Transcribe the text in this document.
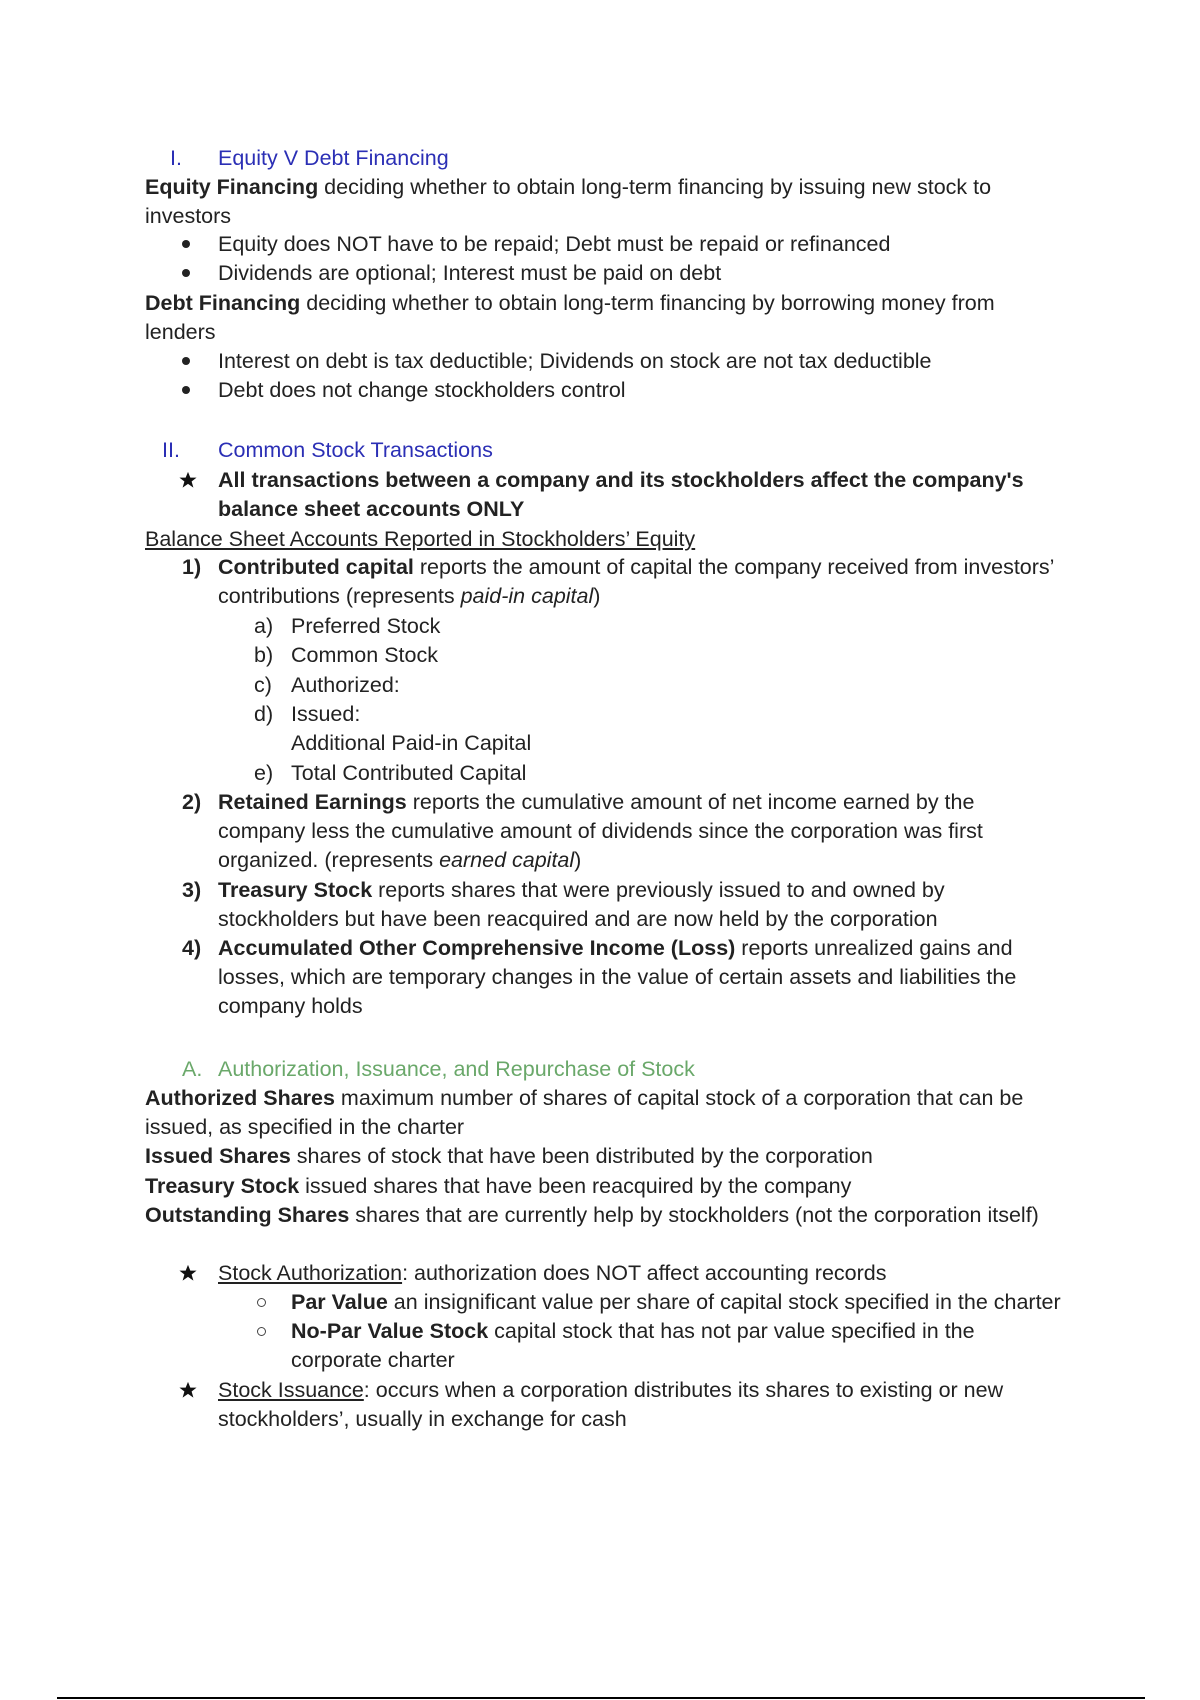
I. Equity V Debt Financing
Equity Financing deciding whether to obtain long-term financing by issuing new stock to
investors
Equity does NOT have to be repaid; Debt must be repaid or refinanced
Dividends are optional; Interest must be paid on debt
Debt Financing deciding whether to obtain long-term financing by borrowing money from
lenders
Interest on debt is tax deductible; Dividends on stock are not tax deductible
Debt does not change stockholders control
II. Common Stock Transactions
All transactions between a company and its stockholders affect the company's
balance sheet accounts ONLY
Balance Sheet Accounts Reported in Stockholders’ Equity
1) Contributed capital reports the amount of capital the company received from investors’
contributions (represents paid-in capital)
a) Preferred Stock
b) Common Stock
c) Authorized:
d) Issued:
Additional Paid-in Capital
e) Total Contributed Capital
2) Retained Earnings reports the cumulative amount of net income earned by the
company less the cumulative amount of dividends since the corporation was first
organized. (represents earned capital)
3) Treasury Stock reports shares that were previously issued to and owned by
stockholders but have been reacquired and are now held by the corporation
4) Accumulated Other Comprehensive Income (Loss) reports unrealized gains and
losses, which are temporary changes in the value of certain assets and liabilities the
company holds
A. Authorization, Issuance, and Repurchase of Stock
Authorized Shares maximum number of shares of capital stock of a corporation that can be
issued, as specified in the charter
Issued Shares shares of stock that have been distributed by the corporation
Treasury Stock issued shares that have been reacquired by the company
Outstanding Shares shares that are currently help by stockholders (not the corporation itself)
Stock Authorization: authorization does NOT affect accounting records
Par Value an insignificant value per share of capital stock specified in the charter
No-Par Value Stock capital stock that has not par value specified in the
corporate charter
Stock Issuance: occurs when a corporation distributes its shares to existing or new
stockholders’, usually in exchange for cash
